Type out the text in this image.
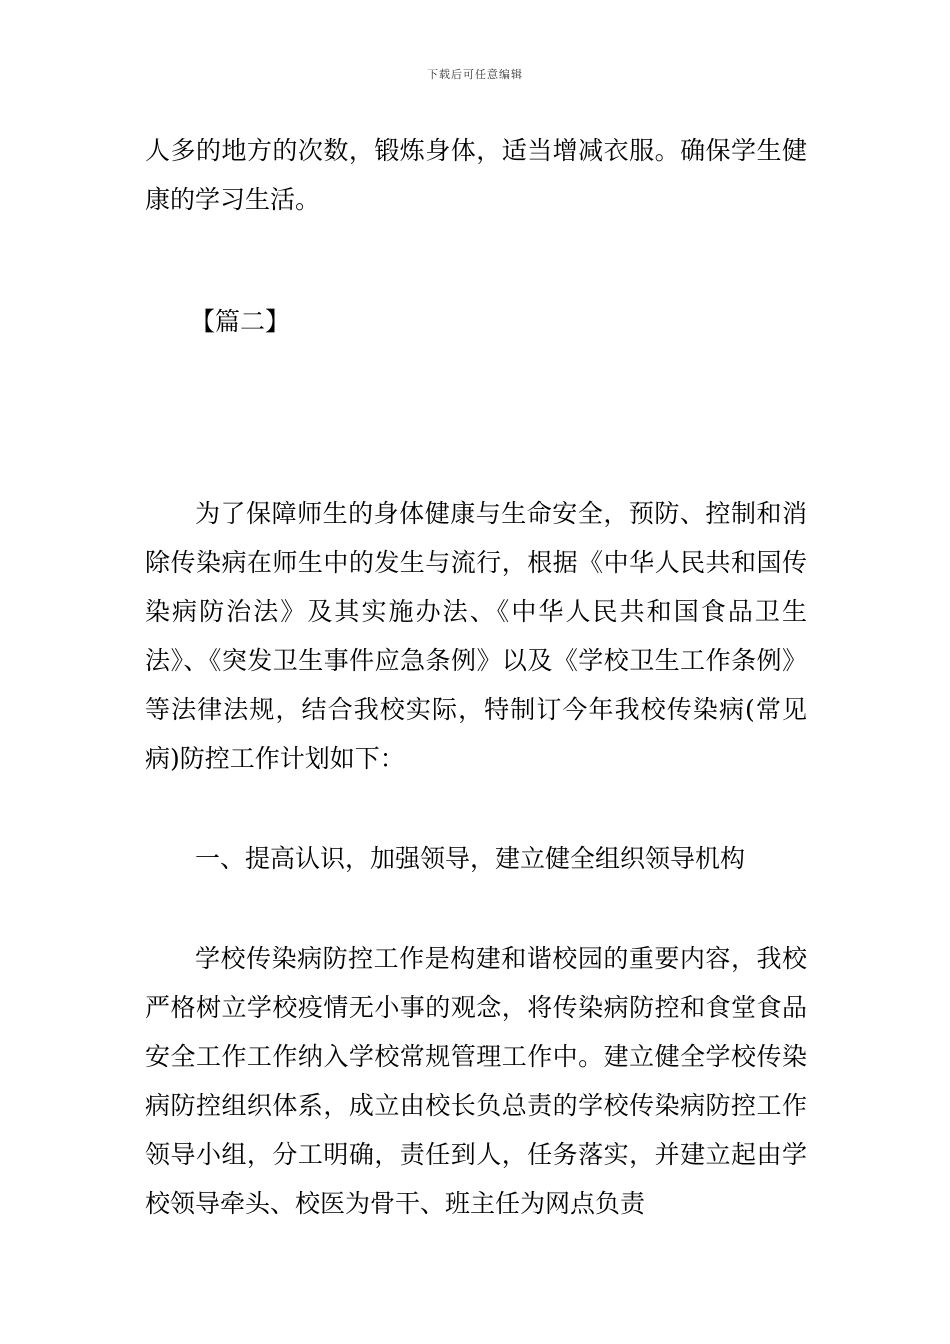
下载后可任意编辑

人多的地方的次数，锻炼身体，适当增减衣服。确保学生健康的学习生活。

【篇二】

为了保障师生的身体健康与生命安全，预防、控制和消除传染病在师生中的发生与流行，根据《中华人民共和国传染病防治法》及其实施办法、《中华人民共和国食品卫生法》、《突发卫生事件应急条例》以及《学校卫生工作条例》等法律法规，结合我校实际，特制订今年我校传染病(常见病)防控工作计划如下：

一、提高认识，加强领导，建立健全组织领导机构

学校传染病防控工作是构建和谐校园的重要内容，我校严格树立学校疫情无小事的观念，将传染病防控和食堂食品安全工作工作纳入学校常规管理工作中。建立健全学校传染病防控组织体系，成立由校长负总责的学校传染病防控工作领导小组，分工明确，责任到人，任务落实，并建立起由学校领导牵头、校医为骨干、班主任为网点负责
